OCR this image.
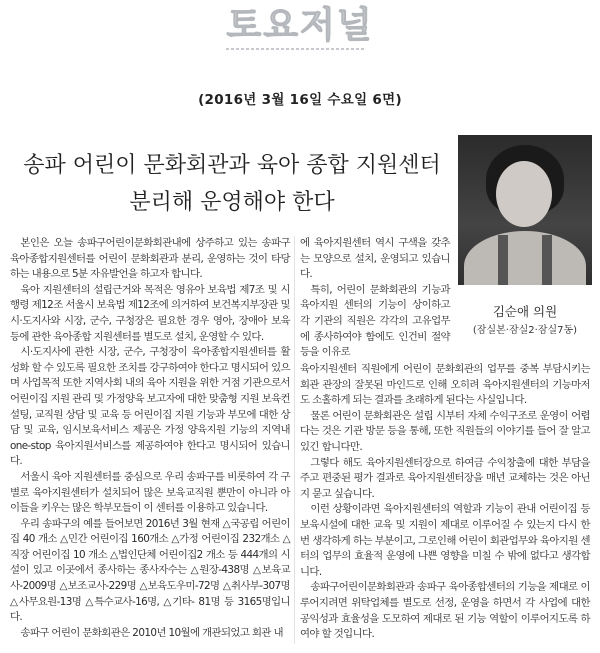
토요저널
(2016년 3월 16일 수요일 6면)
송파 어린이 문화회관과 육아 종합 지원센터
분리해 운영해야 한다
김순애 의원
(잠실본·잠실2·잠실7동)

본인은 오늘 송파구어린이문화회관내에 상주하고 있는 송파구 육아종합지원센터를 어린이 문화회관과 분리, 운영하는 것이 타당하는 내용으로 5분 자유발언을 하고자 합니다.

육아 지원센터의 설립근거와 목적은 영유아 보육법 제7조 및 시행령 제12조 서울시 보육법 제12조에 의거하여 보건복지부장관 및 시·도지사와 시장, 군수, 구청장은 필요한 경우 영아, 장애아 보육 등에 관한 육아종합 지원센터를 별도로 설치, 운영할 수 있다.

시·도지사에 관한 시장, 군수, 구청장이 육아종합지원센터를 활성화 할 수 있도록 필요한 조치를 강구하여야 한다고 명시되어 있으며 사업목적 또한 지역사회 내의 육아 지원을 위한 거점 기관으로서 어린이집 지원 관리 및 가정양육 보고자에 대한 맞춤형 지원 보육컨설팅, 교직원 상담 및 교육 등 어린이집 지원 기능과 부모에 대한 상담 및 교육, 임시보육서비스 제공은 가정 양육지원 기능의 지역내 one-stop 육아지원서비스를 제공하여야 한다고 명시되어 있습니다.

서울시 육아 지원센터를 중심으로 우리 송파구를 비롯하여 각 구별로 육아지원센터가 설치되어 많은 보육교직원 뿐만이 아니라 아이들을 키우는 많은 학부모들이 이 센터를 이용하고 있습니다.

우리 송파구의 예를 들어보면 2016년 3월 현재 △국공립 어린이집 40 개소 △민간 어린이집 160개소 △가정 어린이집 232개소 △직장 어린이집 10 개소 △법인단체 어린이집2 개소 등 444개의 시설이 있고 이곳에서 종사하는 종사자수는 △원장-438명 △보육교사-2009명 △보조교사-229명 △보육도우미-72명 △취사부-307명 △사무요원-13명 △특수교사-16명, △기타- 81명 등 3165명입니다.

송파구 어린이 문화회관은 2010년 10월에 개관되었고 회관 내

에 육아지원센터 역시 구색을 갖추는 모양으로 설치, 운영되고 있습니다.

특히, 어린이 문화회관의 기능과 육아지원 센터의 기능이 상이하고 각 기관의 직원은 각각의 고유업무에 종사하여야 함에도 인건비 절약 등을 이유로

육아지원센터 직원에게 어린이 문화회관의 업무를 중복 부담시키는 회관 관장의 잘못된 마인드로 인해 오히려 육아지원센터의 기능마저도 소홀하게 되는 결과를 초래하게 된다는 사실입니다.

물론 어린이 문화회관은 설립 시부터 자체 수익구조로 운영이 어렵다는 것은 기관 방문 등을 통해, 또한 직원들의 이야기를 들어 잘 알고 있긴 합니다만.

그렇다 해도 육아지원센터장으로 하여금 수익창출에 대한 부담을 주고 편중된 평가 결과로 육아지원센터장을 매년 교체하는 것은 아닌지 묻고 싶습니다.

이런 상황이라면 육아지원센터의 역할과 기능이 관내 어린이집 등 보육시설에 대한 교육 및 지원이 제대로 이루어질 수 있는지 다시 한 번 생각하게 하는 부분이고, 그로인해 어린이 회관업무와 육아지원 센터의 업무의 효율적 운영에 나쁜 영향을 미칠 수 밖에 없다고 생각합니다.

송파구어린이문화회관과 송파구 육아종합센터의 기능을 제대로 이루어지려면 위탁업체를 별도로 선정, 운영을 하면서 각 사업에 대한 공익성과 효율성을 도모하여 제대로 된 기능 역할이 이루어지도록 하여야 할 것입니다.
